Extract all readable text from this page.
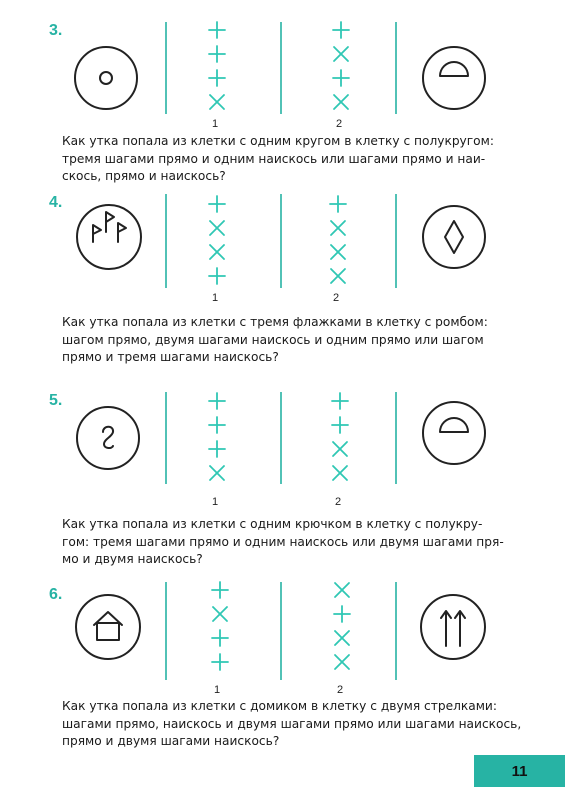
3.
1	2
Как утка попала из клетки с одним кругом в клетку с полукругом:
тремя шагами прямо и одним наискось или шагами прямо и наи-
скось, прямо и наискось?
4.
1	2
Как утка попала из клетки с тремя флажками в клетку с ромбом:
шагом прямо, двумя шагами наискось и одним прямо или шагом
прямо и тремя шагами наискось?
5.
1	2
Как утка попала из клетки с одним крючком в клетку с полукру-
гом: тремя шагами прямо и одним наискось или двумя шагами пря-
мо и двумя наискось?
6.
1	2
Как утка попала из клетки с домиком в клетку с двумя стрелками:
шагами прямо, наискось и двумя шагами прямо или шагами наискось,
прямо и двумя шагами наискось?
11
